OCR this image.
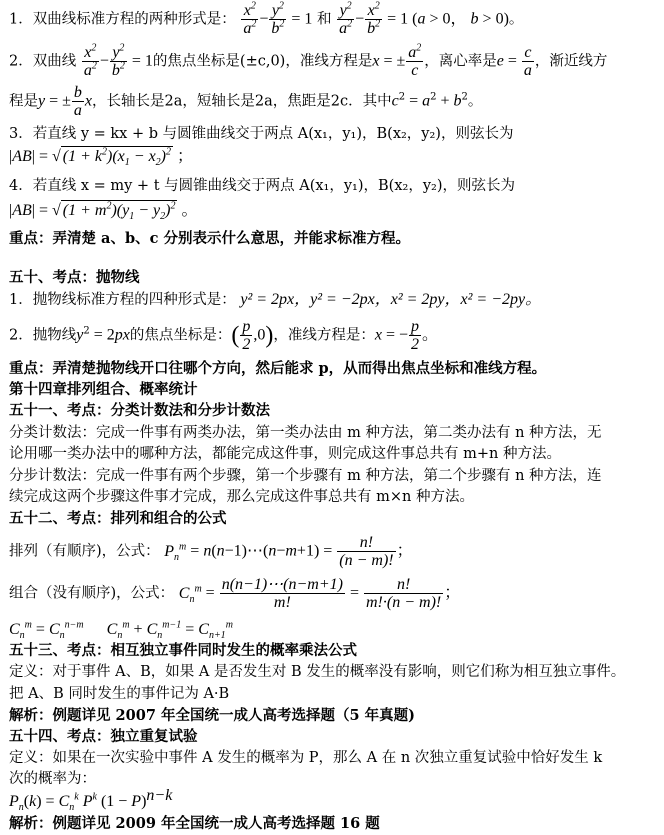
1．双曲线标准方程的两种形式是： $\frac{x^2}{a^2} - \frac{y^2}{b^2} = 1$ 和 $\frac{y^2}{a^2} - \frac{x^2}{b^2} = 1$ (a > 0， b > 0)。
2．双曲线 $\frac{x^2}{a^2} - \frac{y^2}{b^2} = 1$的焦点坐标是(±c,0)，准线方程是x = ± $\frac{a^2}{c}$ ，离心率是$e = \frac{c}{a}$ ，渐近线方
程是y = ± $\frac{b}{a}$ x，长轴长是2a，短轴长是2a，焦距是2c．其中$c^2 = a^2 + b^2$。
3．若直线 y = kx + b 与圆锥曲线交于两点 A(x₁，y₁)，B(x₂，y₂)，则弦长为
|AB| = √ $(1 + k^2)(x_1 - x_2)^2$ ；
4．若直线 x = my + t 与圆锥曲线交于两点 A(x₁，y₁)，B(x₂，y₂)，则弦长为
|AB| = √ $(1 + m^2)(y_1 - y_2)^2$ 。
重点：弄清楚 a、b、c 分别表示什么意思，并能求标准方程。
五十、考点：抛物线
1．抛物线标准方程的四种形式是： y² = 2px，y² = −2px，x² = 2py，x² = −2py。
2．抛物线$y^2 = 2px$的焦点坐标是：( $\frac{p}{2} ,0$)，准线方程是：x = − $\frac{p}{2}$ 。
重点：弄清楚抛物线开口往哪个方向，然后能求 p，从而得出焦点坐标和准线方程。
第十四章排列组合、概率统计
五十一、考点：分类计数法和分步计数法
分类计数法：完成一件事有两类办法，第一类办法由 m 种方法，第二类办法有 n 种方法，无
论用哪一类办法中的哪种方法，都能完成这件事，则完成这件事总共有 m+n 种方法。
分步计数法：完成一件事有两个步骤，第一个步骤有 m 种方法，第二个步骤有 n 种方法，连
续完成这两个步骤这件事才完成，那么完成这件事总共有 m×n 种方法。
五十二、考点：排列和组合的公式
排列（有顺序)，公式： $P_n^m$ = n(n−1)⋯(n−m+1) = $\frac{n!}{(n - m)!}$ ；
组合（没有顺序)，公式： $C_n^m = \frac{n(n-1)\cdots(n-m+1)}{m!} = \frac{n!}{m!\cdot(n - m)!}$ ；
$C_n^m = C_n^{n-m}$ $C_n^m + C_n^{m-1} = C_{n+1}^m$
五十三、考点：相互独立事件同时发生的概率乘法公式
定义：对于事件 A、B，如果 A 是否发生对 B 发生的概率没有影响，则它们称为相互独立事件。
把 A、B 同时发生的事件记为 A·B
解析：例题详见 2007 年全国统一成人高考选择题（5 年真题)
五十四、考点：独立重复试验
定义：如果在一次实验中事件 A 发生的概率为 P，那么 A 在 n 次独立重复试验中恰好发生 k
次的概率为：
$P_n(k) = C_n^k$ $P^k$ $(1 - P)^{n-k}$
解析：例题详见 2009 年全国统一成人高考选择题 16 题
